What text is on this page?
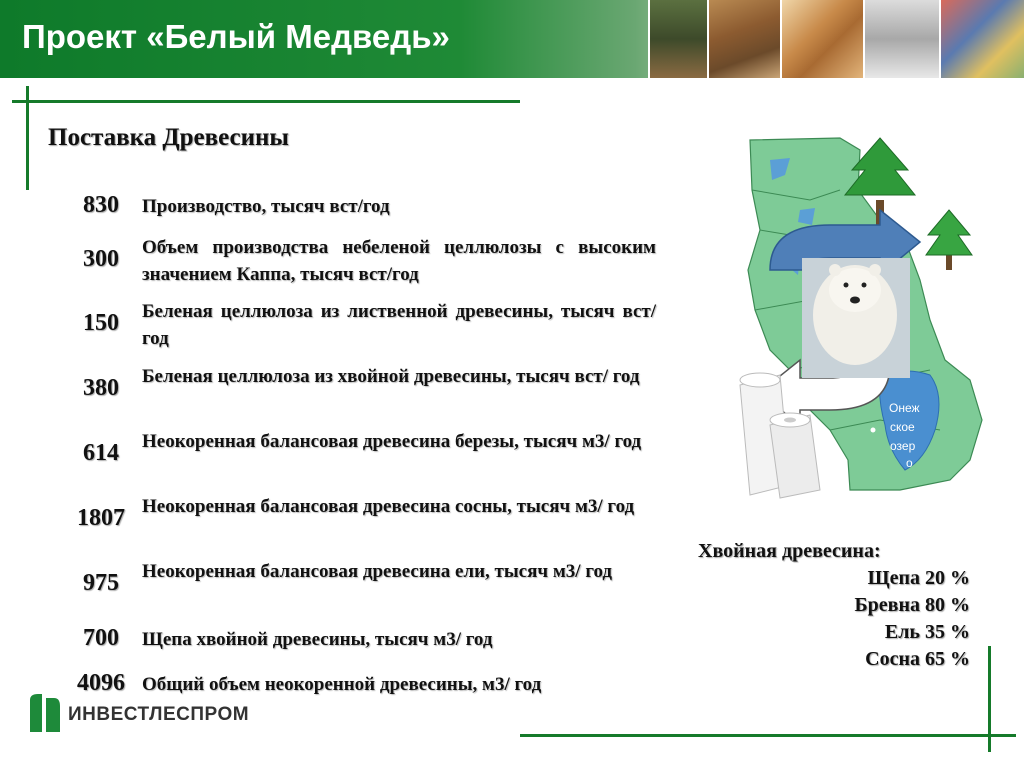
Проект «Белый Медведь»
Поставка Древесины
830	Производство, тысяч вст/год
300	Объем производства небеленой целлюлозы с высоким значением Каппа, тысяч вст/год
150	Беленая целлюлоза из лиственной древесины, тысяч вст/ год
380	Беленая целлюлоза из хвойной древесины, тысяч вст/ год
614	Неокоренная балансовая древесина березы, тысяч м3/ год
1807 Неокоренная балансовая древесина сосны, тысяч м3/ год
975	Неокоренная балансовая древесина ели, тысяч м3/ год
700	Щепа хвойной древесины, тысяч м3/ год
4096 Общий объем неокоренной древесины, м3/ год
Онеж
ское
озер
о
Хвойная древесина:
Щепа 20 %
Бревна 80 %
Ель 35 %
Сосна 65 %
ИНВЕСТЛЕСПРОМ
